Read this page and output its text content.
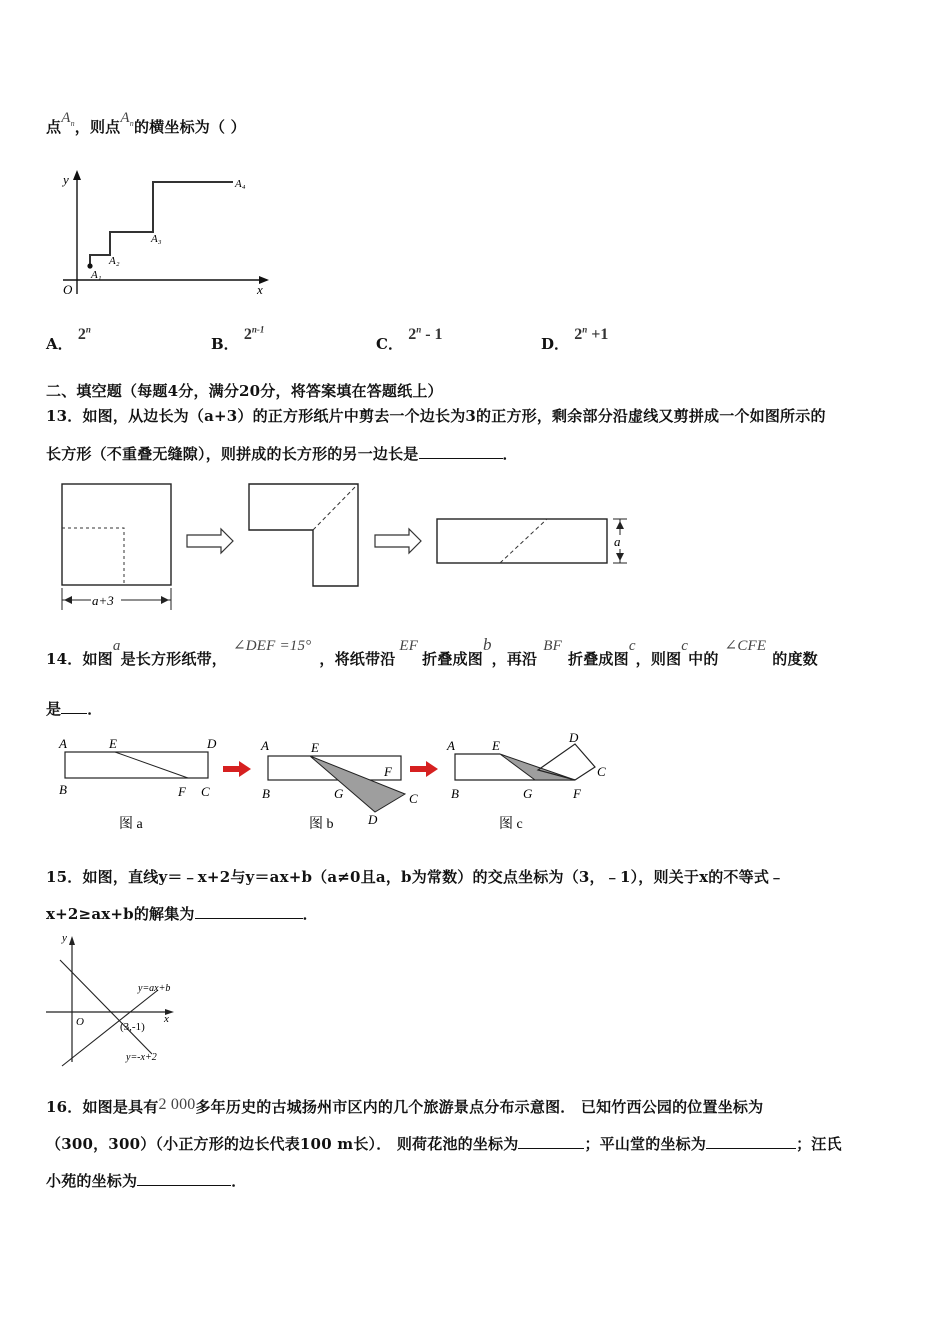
点$A_n$，则点$A_n$的横坐标为（ ）
y
x
O
A₁
A₂
A₃
A₄
A． 2$^n$
B． 2$^{n-1}$
C． 2$^n$ - 1
D． $2^n +1$
二、填空题（每题4分，满分20分，将答案填在答题纸上）
13．如图，从边长为（a+3）的正方形纸片中剪去一个边长为3的正方形，剩余部分沿虚线又剪拼成一个如图所示的
长方形（不重叠无缝隙），则拼成的长方形的另一边长是	．
a+3
a
14．如图a是长方形纸带，∠DEF =15°，将纸带沿EF折叠成图b，再沿BF折叠成图c，则图c中的∠CFE的度数
是 ．
A	E	D
B	F C
图 a
A	E
F
B	G	C
D
图 b
A	E
D
C
B	G	F
图 c
15．如图，直线y＝﹣x+2与y＝ax+b（a≠0且a，b为常数）的交点坐标为（3，﹣1），则关于x的不等式﹣
x+2≥ax+b的解集为	．
y
x
O
y=ax+b
(3,-1)
y=-x+2
16．如图是具有2 000多年历史的古城扬州市区内的几个旅游景点分布示意图． 已知竹西公园的位置坐标为
（300，300）（小正方形的边长代表100 m长）． 则荷花池的坐标为	；平山堂的坐标为	；汪氏
小苑的坐标为	．
